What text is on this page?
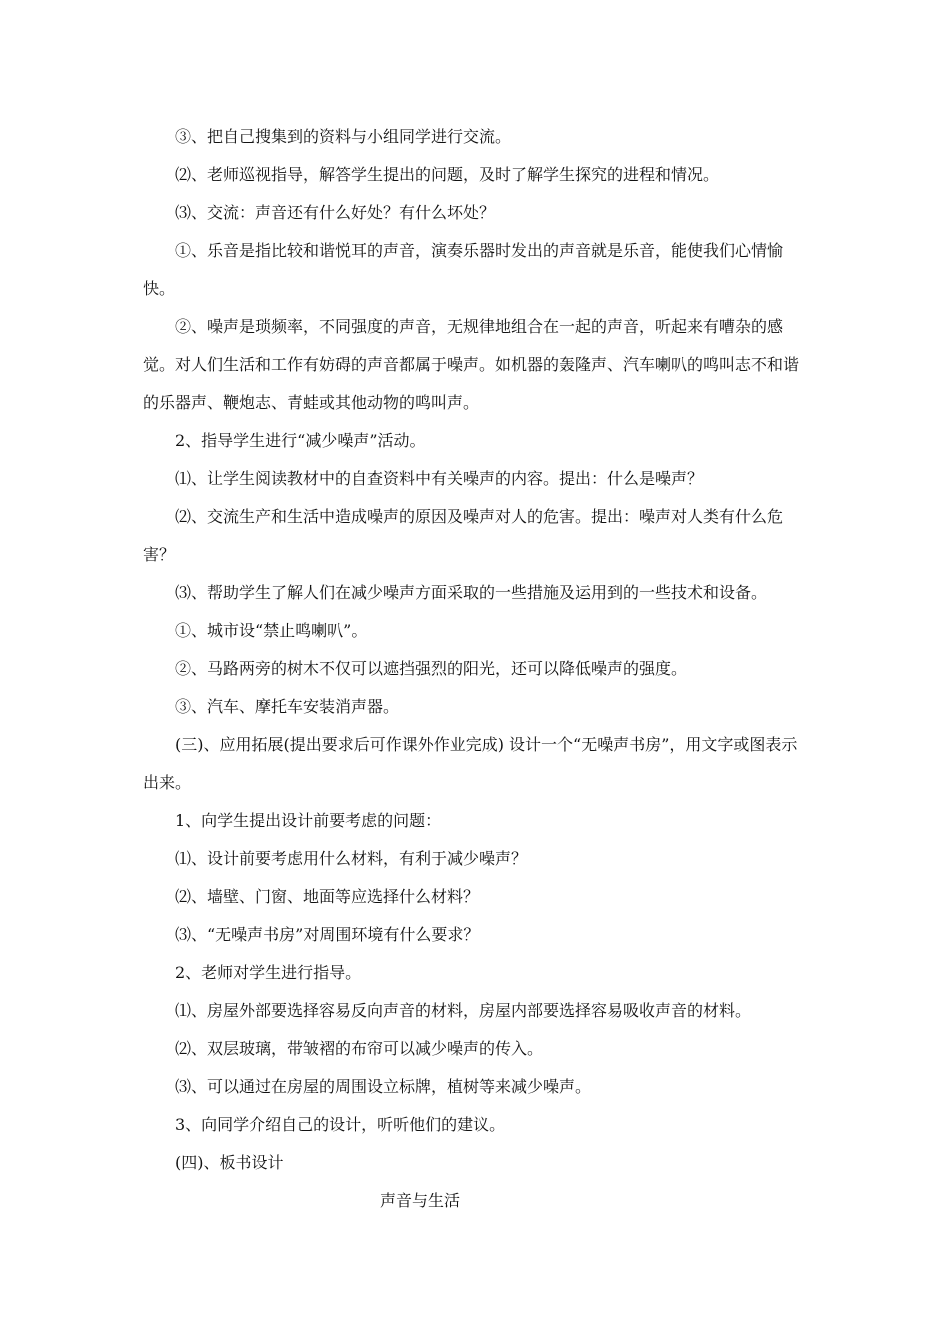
③、把自己搜集到的资料与小组同学进行交流。

⑵、老师巡视指导，解答学生提出的问题，及时了解学生探究的进程和情况。

⑶、交流：声音还有什么好处？有什么坏处？

①、乐音是指比较和谐悦耳的声音，演奏乐器时发出的声音就是乐音，能使我们心情愉快。

②、噪声是琐频率，不同强度的声音，无规律地组合在一起的声音，听起来有嘈杂的感觉。对人们生活和工作有妨碍的声音都属于噪声。如机器的轰隆声、汽车喇叭的鸣叫志不和谐的乐器声、鞭炮志、青蛙或其他动物的鸣叫声。

2、指导学生进行“减少噪声”活动。

⑴、让学生阅读教材中的自查资料中有关噪声的内容。提出：什么是噪声？

⑵、交流生产和生活中造成噪声的原因及噪声对人的危害。提出：噪声对人类有什么危害？

⑶、帮助学生了解人们在减少噪声方面采取的一些措施及运用到的一些技术和设备。

①、城市设“禁止鸣喇叭”。

②、马路两旁的树木不仅可以遮挡强烈的阳光，还可以降低噪声的强度。

③、汽车、摩托车安装消声器。

(三)、应用拓展(提出要求后可作课外作业完成) 设计一个“无噪声书房”，用文字或图表示出来。

1、向学生提出设计前要考虑的问题：

⑴、设计前要考虑用什么材料，有利于减少噪声？

⑵、墙壁、门窗、地面等应选择什么材料？

⑶、“无噪声书房”对周围环境有什么要求？

2、老师对学生进行指导。

⑴、房屋外部要选择容易反向声音的材料，房屋内部要选择容易吸收声音的材料。

⑵、双层玻璃，带皱褶的布帘可以减少噪声的传入。

⑶、可以通过在房屋的周围设立标牌，植树等来减少噪声。

3、向同学介绍自己的设计，听听他们的建议。

(四)、板书设计

声音与生活
